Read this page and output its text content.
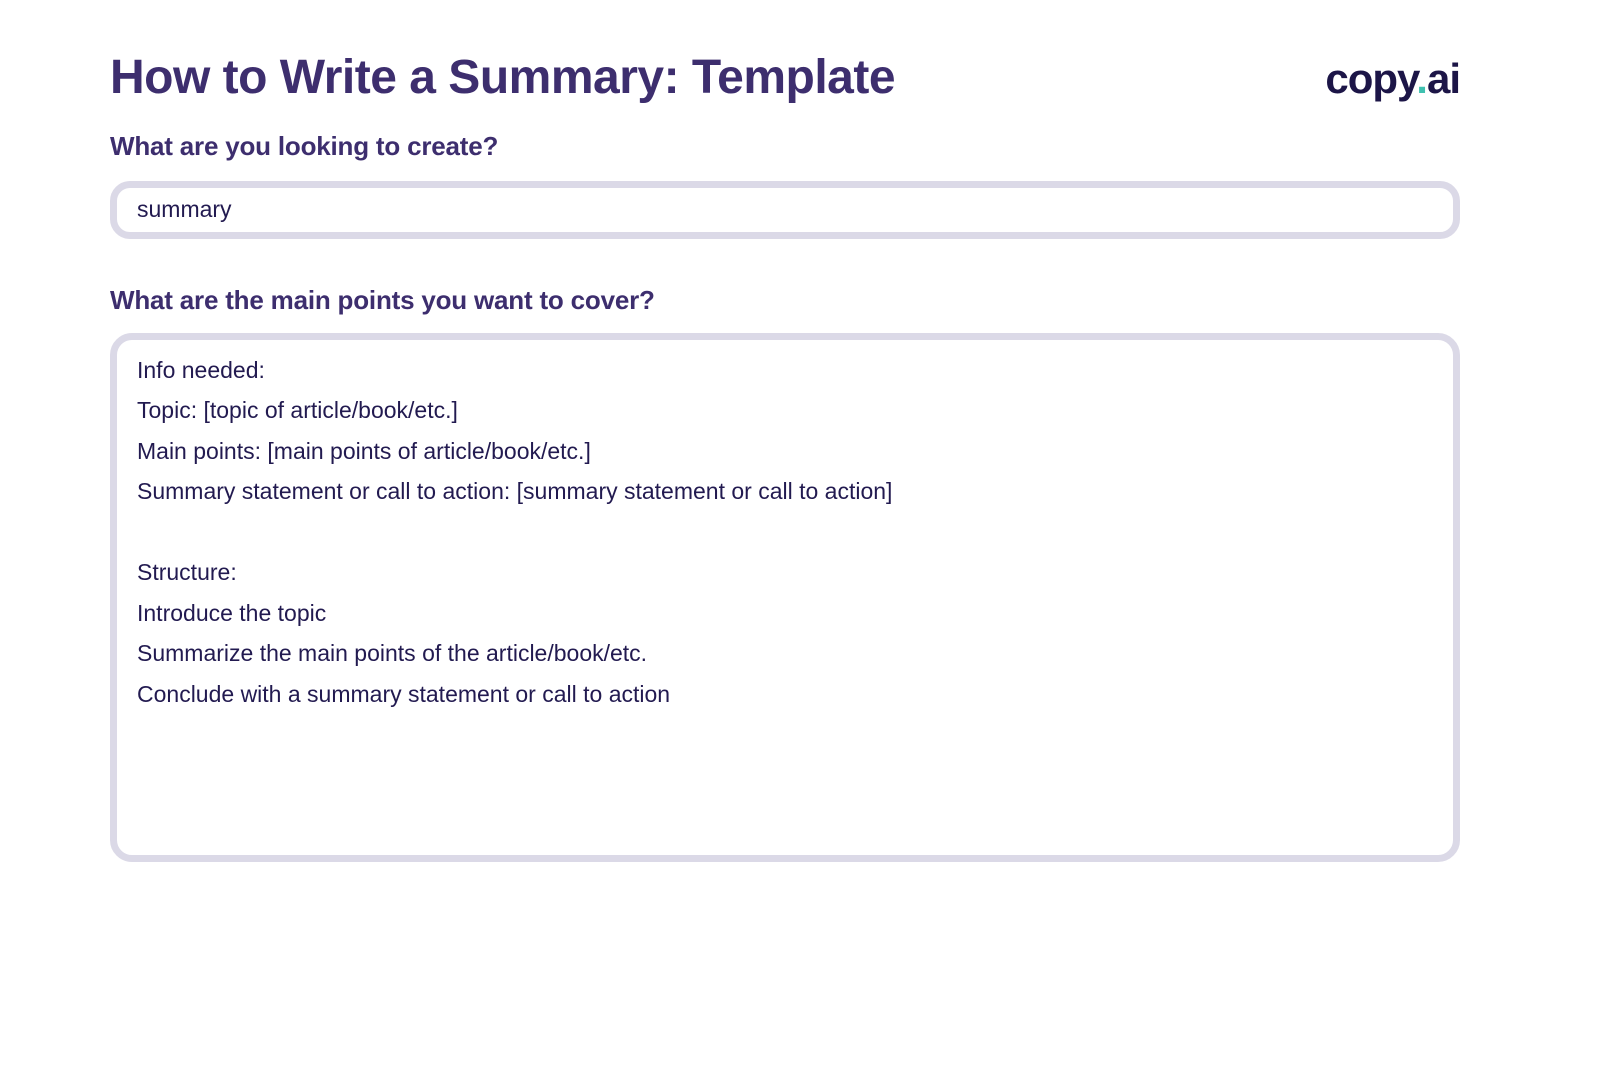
How to Write a Summary: Template	copy.ai
What are you looking to create?
summary
What are the main points you want to cover?
Info needed: Topic: [topic of article/book/etc.] Main points: [main points of article/book/etc.] Summary statement or call to action: [summary statement or call to action] Structure: Introduce the topic Summarize the main points of the article/book/etc. Conclude with a summary statement or call to action
